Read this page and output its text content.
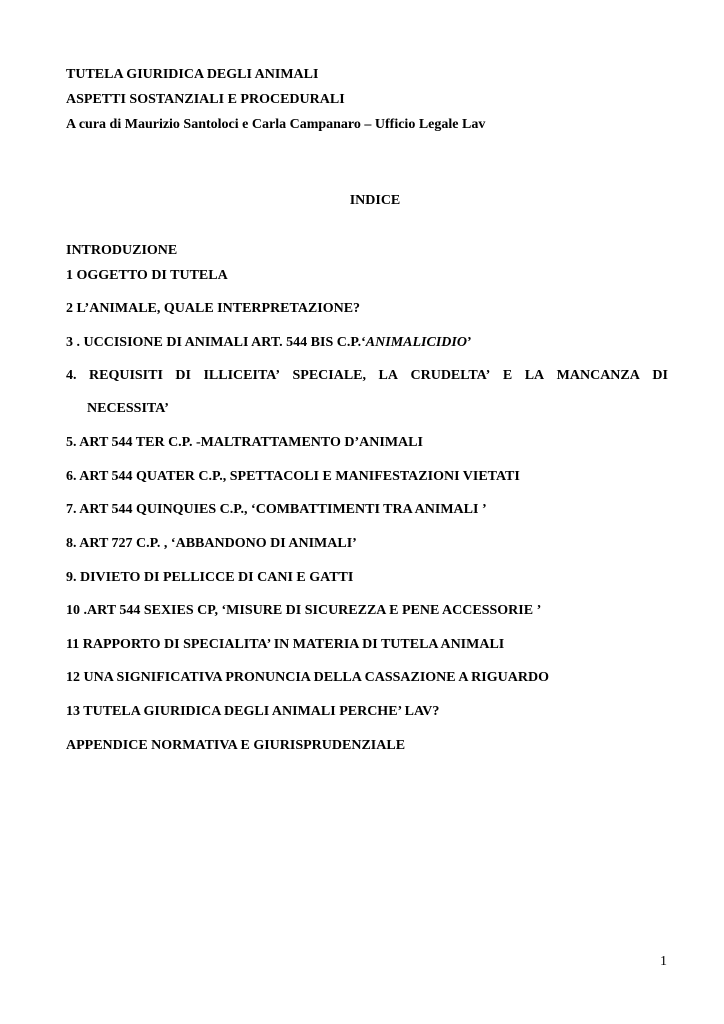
TUTELA GIURIDICA DEGLI ANIMALI
ASPETTI SOSTANZIALI E PROCEDURALI
A cura di Maurizio Santoloci e Carla Campanaro – Ufficio Legale Lav
INDICE
INTRODUZIONE
1 OGGETTO DI TUTELA
2 L’ANIMALE, QUALE INTERPRETAZIONE?
3 . UCCISIONE DI ANIMALI ART. 544 BIS C.P.‘ANIMALICIDIO’
4. REQUISITI DI ILLICEITA’ SPECIALE, LA CRUDELTA’ E LA MANCANZA DI
NECESSITA’
5. ART 544 TER C.P. -MALTRATTAMENTO D’ANIMALI
6. ART 544 QUATER C.P., SPETTACOLI E MANIFESTAZIONI VIETATI
7. ART 544 QUINQUIES C.P., ‘COMBATTIMENTI TRA ANIMALI ’
8. ART 727 C.P. , ‘ABBANDONO DI ANIMALI’
9. DIVIETO DI PELLICCE DI CANI E GATTI
10 .ART 544 SEXIES CP, ‘MISURE DI SICUREZZA E PENE ACCESSORIE ’
11 RAPPORTO DI SPECIALITA’ IN MATERIA DI TUTELA ANIMALI
12 UNA SIGNIFICATIVA PRONUNCIA DELLA CASSAZIONE A RIGUARDO
13 TUTELA GIURIDICA DEGLI ANIMALI PERCHE’ LAV?
APPENDICE NORMATIVA E GIURISPRUDENZIALE
1
